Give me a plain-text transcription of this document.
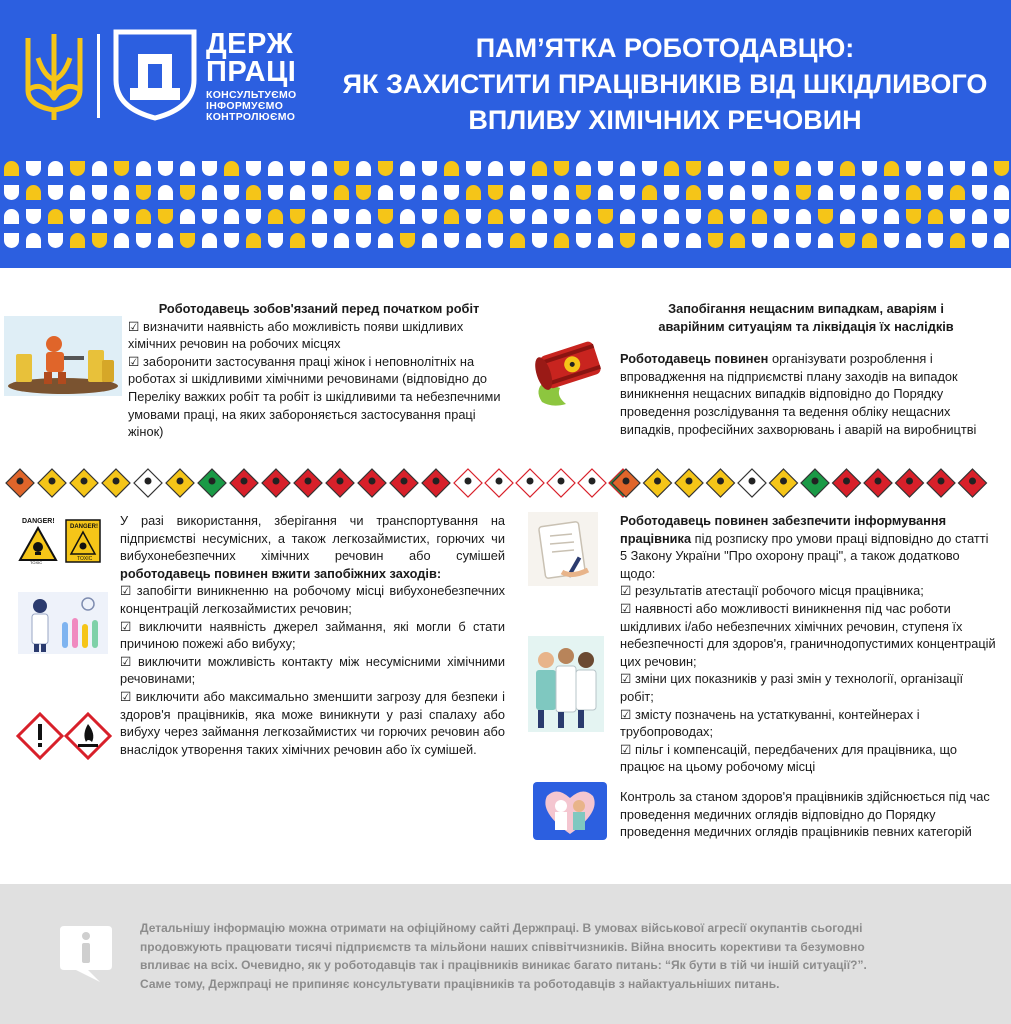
ДЕРЖ
ПРАЦІ
КОНСУЛЬТУЄМО
ІНФОРМУЄМО
КОНТРОЛЮЄМО
ПАМ’ЯТКА РОБОТОДАВЦЮ:
ЯК ЗАХИСТИТИ ПРАЦІВНИКІВ ВІД ШКІДЛИВОГО
ВПЛИВУ ХІМІЧНИХ РЕЧОВИН
Роботодавець зобов'язаний перед початком робіт
☑ визначити наявність або можливість появи шкідливих хімічних речовин на робочих місцях
☑ заборонити застосування праці жінок і неповнолітніх на роботах зі шкідливими хімічними речовинами (відповідно до Переліку важких робіт та робіт із шкідливими та небезпечними умовами праці, на яких забороняється застосування праці жінок)
Запобігання нещасним випадкам, аваріям і
аварійним ситуаціям та ліквідація їх наслідків
Роботодавець повинен організувати розроблення і впровадження на підприємстві плану заходів на випадок виникнення нещасних випадків відповідно до Порядку проведення розслідування та ведення обліку нещасних випадків, професійних захворювань і аварій на виробництві
DANGER!
TOXIC
DANGER!
TOXIC
У разі використання, зберігання чи транспортування на підприємстві несумісних, а також легкозаймистих, горючих чи вибухонебезпечних хімічних речовин або сумішей роботодавець повинен вжити запобіжних заходів:
☑ запобігти виникненню на робочому місці вибухонебезпечних концентрацій легкозаймистих речовин;
☑ виключити наявність джерел займання, які могли б стати причиною пожежі або вибуху;
☑ виключити можливість контакту між несумісними хімічними речовинами;
☑ виключити або максимально зменшити загрозу для безпеки і здоров'я працівників, яка може виникнути у разі спалаху або вибуху через займання легкозаймистих чи горючих речовин або внаслідок утворення таких хімічних речовин або їх сумішей.
Роботодавець повинен забезпечити інформування працівника під розписку про умови праці відповідно до статті 5 Закону України "Про охорону праці", а також додатково щодо:
☑ результатів атестації робочого місця працівника;
☑ наявності або можливості виникнення під час роботи шкідливих і/або небезпечних хімічних речовин, ступеня їх небезпечності для здоров'я, граничнодопустимих концентрацій цих речовин;
☑ зміни цих показників у разі змін у технології, організації робіт;
☑ змісту позначень на устаткуванні, контейнерах і трубопроводах;
☑ пільг і компенсацій, передбачених для працівника, що працює на цьому робочому місці
Контроль за станом здоров'я працівників здійснюється під час проведення медичних оглядів відповідно до Порядку проведення медичних оглядів працівників певних категорій
Детальнішу інформацію можна отримати на офіційному сайті Держпраці. В умовах військової агресії окупантів сьогодні продовжують працювати тисячі підприємств та мільйони наших співвітчизників. Війна вносить корективи та безумовно впливає на всіх. Очевидно, як у роботодавців так і працівників виникає багато питань: “Як бути в тій чи іншій ситуації?”. Саме тому, Держпраці не припиняє консультувати працівників та роботодавців з найактуальніших питань.
